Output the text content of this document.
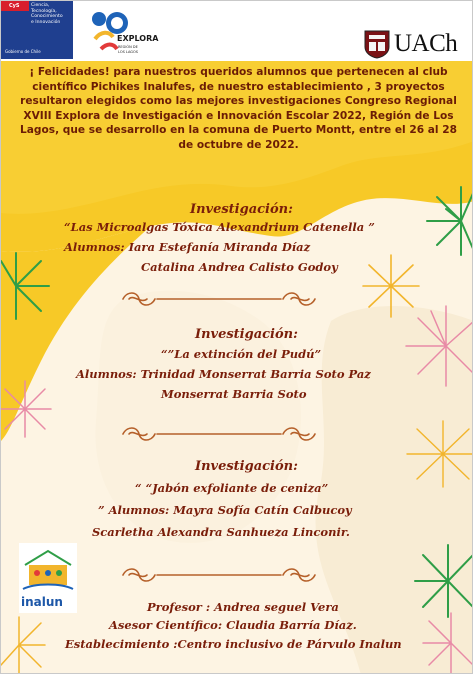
CyS Ciencia,
Tecnología,
Conocimiento
e Innovación
Gobierno de Chile
EXPLORA
REGIÓN DE
LOS LAGOS	UACh
¡ Felicidades! para nuestros queridos alumnos que pertenecen al club científico Pichikes Inalufes, de nuestro establecimiento , 3 proyectos resultaron elegidos como las mejores investigaciones Congreso Regional XVIII Explora de Investigación e Innovación Escolar 2022, Región de Los Lagos, que se desarrollo en la comuna de Puerto Montt, entre el 26 al 28 de octubre de 2022.
Investigación:
“Las Microalgas Tóxica Alexandrium Catenella ”
Alumnos: Iara Estefanía Miranda Díaz
Catalina Andrea Calisto Godoy
Investigación:
“”La extinción del Pudú”
Alumnos: Trinidad Monserrat Barria Soto Paz
Monserrat Barria Soto
Investigación:
“ “Jabón exfoliante de ceniza”
” Alumnos: Mayra Sofía Catín Calbucoy
Scarletha Alexandra Sanhueza Linconir.
inalun	Profesor : Andrea seguel Vera
Asesor Científico: Claudia Barría Díaz.
Establecimiento :Centro inclusivo de Párvulo Inalun
